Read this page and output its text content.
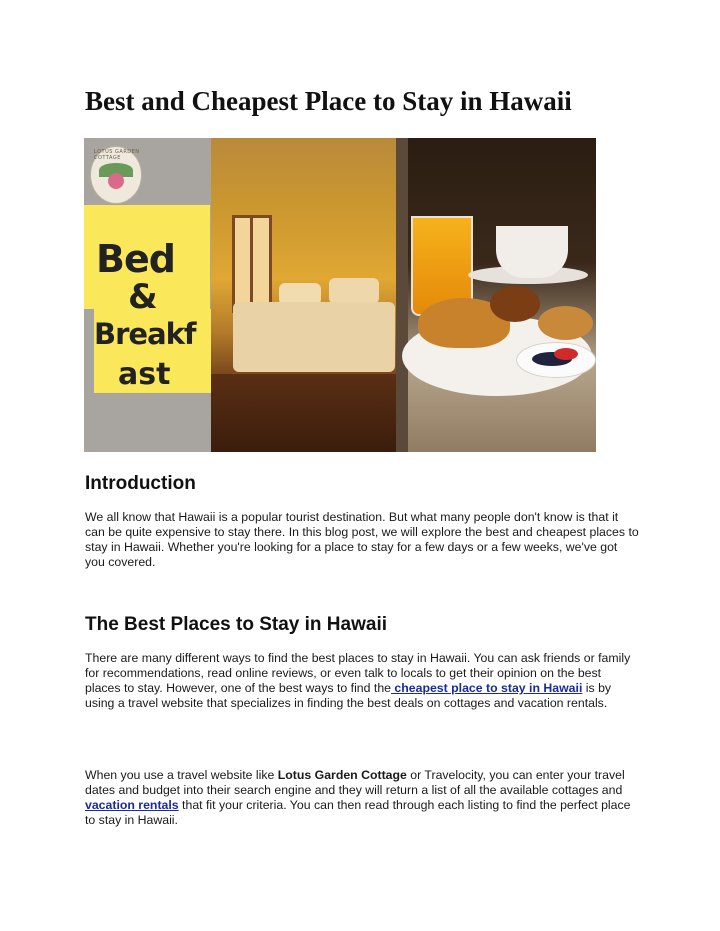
Best and Cheapest Place to Stay in Hawaii
LOTUS GARDEN COTTAGE
Bed
&
Breakf
ast
Introduction

We all know that Hawaii is a popular tourist destination. But what many people don't know is that it can be quite expensive to stay there. In this blog post, we will explore the best and cheapest places to stay in Hawaii. Whether you're looking for a place to stay for a few days or a few weeks, we've got you covered.

The Best Places to Stay in Hawaii

There are many different ways to find the best places to stay in Hawaii. You can ask friends or family for recommendations, read online reviews, or even talk to locals to get their opinion on the best places to stay. However, one of the best ways to find the cheapest place to stay in Hawaii is by using a travel website that specializes in finding the best deals on cottages and vacation rentals.

When you use a travel website like Lotus Garden Cottage or Travelocity, you can enter your travel dates and budget into their search engine and they will return a list of all the available cottages and vacation rentals that fit your criteria. You can then read through each listing to find the perfect place to stay in Hawaii.
